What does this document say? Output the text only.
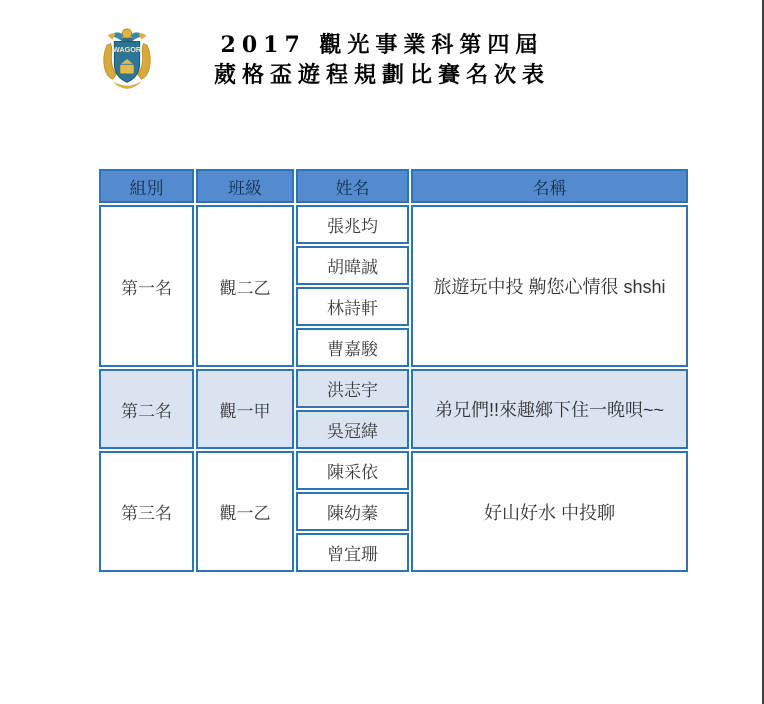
WAGOR	2017 觀光事業科第四屆
葳格盃遊程規劃比賽名次表
組別	班級	姓名	名稱
第一名	觀二乙	張兆均	旅遊玩中投 齁您心情很 shshi
		胡暐誠	
		林詩軒	
		曹嘉駿	
第二名	觀一甲	洪志宇	弟兄們!!來趣鄉下住一晚唄~~
		吳冠緯	
第三名	觀一乙	陳采依	好山好水 中投聊
		陳幼蓁	
		曾宜珊	
